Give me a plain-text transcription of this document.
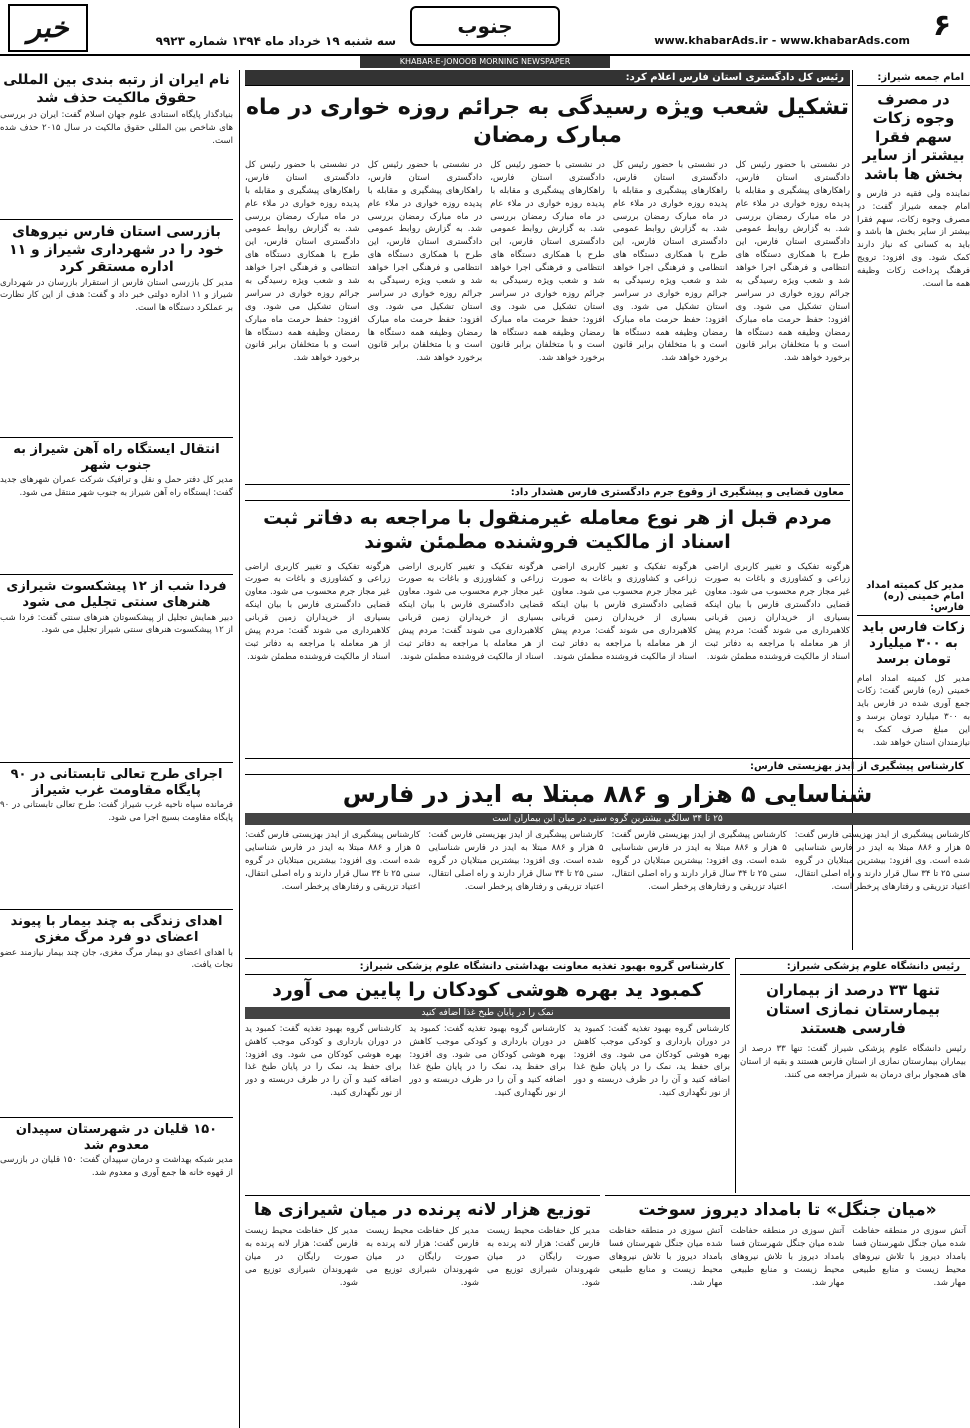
۶
www.khabarAds.ir - www.khabarAds.com
جنوب
خبر	سه شنبه ۱۹ خرداد ماه ۱۳۹۴ شماره ۹۹۲۳
KHABAR-E-JONOOB MORNING NEWSPAPER
امام جمعه شیراز:
در مصرف وجوه زکات سهم فقرا بیشتر از سایر بخش ها باشد
نماینده ولی فقیه در فارس و امام جمعه شیراز گفت: در مصرف وجوه زکات، سهم فقرا بیشتر از سایر بخش ها باشد و باید به کسانی که نیاز دارند کمک شود. وی افزود: ترویج فرهنگ پرداخت زکات وظیفه همه ما است.
مدیر کل کمیته امداد امام خمینی (ره) فارس:
زکات فارس باید به ۳۰۰ میلیارد تومان برسد
مدیر کل کمیته امداد امام خمینی (ره) فارس گفت: زکات جمع آوری شده در فارس باید به ۳۰۰ میلیارد تومان برسد و این مبلغ صرف کمک به نیازمندان استان خواهد شد.
رئیس کل دادگستری استان فارس اعلام کرد:
تشکیل شعب ویژه رسیدگی به جرائم روزه خواری در ماه مبارک رمضان
در نشستی با حضور رئیس کل دادگستری استان فارس، راهکارهای پیشگیری و مقابله با پدیده روزه خواری در ملاء عام در ماه مبارک رمضان بررسی شد. به گزارش روابط عمومی دادگستری استان فارس، این طرح با همکاری دستگاه های انتظامی و فرهنگی اجرا خواهد شد و شعب ویژه رسیدگی به جرائم روزه خواری در سراسر استان تشکیل می شود. وی افزود: حفظ حرمت ماه مبارک رمضان وظیفه همه دستگاه ها است و با متخلفان برابر قانون برخورد خواهد شد.
در نشستی با حضور رئیس کل دادگستری استان فارس، راهکارهای پیشگیری و مقابله با پدیده روزه خواری در ملاء عام در ماه مبارک رمضان بررسی شد. به گزارش روابط عمومی دادگستری استان فارس، این طرح با همکاری دستگاه های انتظامی و فرهنگی اجرا خواهد شد و شعب ویژه رسیدگی به جرائم روزه خواری در سراسر استان تشکیل می شود. وی افزود: حفظ حرمت ماه مبارک رمضان وظیفه همه دستگاه ها است و با متخلفان برابر قانون برخورد خواهد شد.
در نشستی با حضور رئیس کل دادگستری استان فارس، راهکارهای پیشگیری و مقابله با پدیده روزه خواری در ملاء عام در ماه مبارک رمضان بررسی شد. به گزارش روابط عمومی دادگستری استان فارس، این طرح با همکاری دستگاه های انتظامی و فرهنگی اجرا خواهد شد و شعب ویژه رسیدگی به جرائم روزه خواری در سراسر استان تشکیل می شود. وی افزود: حفظ حرمت ماه مبارک رمضان وظیفه همه دستگاه ها است و با متخلفان برابر قانون برخورد خواهد شد.
در نشستی با حضور رئیس کل دادگستری استان فارس، راهکارهای پیشگیری و مقابله با پدیده روزه خواری در ملاء عام در ماه مبارک رمضان بررسی شد. به گزارش روابط عمومی دادگستری استان فارس، این طرح با همکاری دستگاه های انتظامی و فرهنگی اجرا خواهد شد و شعب ویژه رسیدگی به جرائم روزه خواری در سراسر استان تشکیل می شود. وی افزود: حفظ حرمت ماه مبارک رمضان وظیفه همه دستگاه ها است و با متخلفان برابر قانون برخورد خواهد شد.
در نشستی با حضور رئیس کل دادگستری استان فارس، راهکارهای پیشگیری و مقابله با پدیده روزه خواری در ملاء عام در ماه مبارک رمضان بررسی شد. به گزارش روابط عمومی دادگستری استان فارس، این طرح با همکاری دستگاه های انتظامی و فرهنگی اجرا خواهد شد و شعب ویژه رسیدگی به جرائم روزه خواری در سراسر استان تشکیل می شود. وی افزود: حفظ حرمت ماه مبارک رمضان وظیفه همه دستگاه ها است و با متخلفان برابر قانون برخورد خواهد شد.
معاون قضایی و پیشگیری از وقوع جرم دادگستری فارس هشدار داد:
مردم قبل از هر نوع معامله غیرمنقول با مراجعه به دفاتر ثبت اسناد از مالکیت فروشنده مطمئن شوند
هرگونه تفکیک و تغییر کاربری اراضی زراعی و کشاورزی و باغات به صورت غیر مجاز جرم محسوب می شود. معاون قضایی دادگستری فارس با بیان اینکه بسیاری از خریداران زمین قربانی کلاهبرداری می شوند گفت: مردم پیش از هر معامله با مراجعه به دفاتر ثبت اسناد از مالکیت فروشنده مطمئن شوند.
هرگونه تفکیک و تغییر کاربری اراضی زراعی و کشاورزی و باغات به صورت غیر مجاز جرم محسوب می شود. معاون قضایی دادگستری فارس با بیان اینکه بسیاری از خریداران زمین قربانی کلاهبرداری می شوند گفت: مردم پیش از هر معامله با مراجعه به دفاتر ثبت اسناد از مالکیت فروشنده مطمئن شوند.
هرگونه تفکیک و تغییر کاربری اراضی زراعی و کشاورزی و باغات به صورت غیر مجاز جرم محسوب می شود. معاون قضایی دادگستری فارس با بیان اینکه بسیاری از خریداران زمین قربانی کلاهبرداری می شوند گفت: مردم پیش از هر معامله با مراجعه به دفاتر ثبت اسناد از مالکیت فروشنده مطمئن شوند.
هرگونه تفکیک و تغییر کاربری اراضی زراعی و کشاورزی و باغات به صورت غیر مجاز جرم محسوب می شود. معاون قضایی دادگستری فارس با بیان اینکه بسیاری از خریداران زمین قربانی کلاهبرداری می شوند گفت: مردم پیش از هر معامله با مراجعه به دفاتر ثبت اسناد از مالکیت فروشنده مطمئن شوند.
کارشناس پیشگیری از ایدز بهزیستی فارس:
شناسایی ۵ هزار و ۸۸۶ مبتلا به ایدز در فارس
۲۵ تا ۳۴ سالگی بیشترین گروه سنی در میان این بیماران است
کارشناس پیشگیری از ایدز بهزیستی فارس گفت: ۵ هزار و ۸۸۶ مبتلا به ایدز در فارس شناسایی شده است. وی افزود: بیشترین مبتلایان در گروه سنی ۲۵ تا ۳۴ سال قرار دارند و راه اصلی انتقال، اعتیاد تزریقی و رفتارهای پرخطر است.
کارشناس پیشگیری از ایدز بهزیستی فارس گفت: ۵ هزار و ۸۸۶ مبتلا به ایدز در فارس شناسایی شده است. وی افزود: بیشترین مبتلایان در گروه سنی ۲۵ تا ۳۴ سال قرار دارند و راه اصلی انتقال، اعتیاد تزریقی و رفتارهای پرخطر است.
کارشناس پیشگیری از ایدز بهزیستی فارس گفت: ۵ هزار و ۸۸۶ مبتلا به ایدز در فارس شناسایی شده است. وی افزود: بیشترین مبتلایان در گروه سنی ۲۵ تا ۳۴ سال قرار دارند و راه اصلی انتقال، اعتیاد تزریقی و رفتارهای پرخطر است.
کارشناس پیشگیری از ایدز بهزیستی فارس گفت: ۵ هزار و ۸۸۶ مبتلا به ایدز در فارس شناسایی شده است. وی افزود: بیشترین مبتلایان در گروه سنی ۲۵ تا ۳۴ سال قرار دارند و راه اصلی انتقال، اعتیاد تزریقی و رفتارهای پرخطر است.
رئیس دانشگاه علوم پزشکی شیراز:
تنها ۳۳ درصد از بیماران بیمارستان نمازی استان فارسی هستند
رئیس دانشگاه علوم پزشکی شیراز گفت: تنها ۳۳ درصد از بیماران بیمارستان نمازی از استان فارس هستند و بقیه از استان های همجوار برای درمان به شیراز مراجعه می کنند.
کارشناس گروه بهبود تغذیه معاونت بهداشتی دانشگاه علوم پزشکی شیراز:
کمبود ید بهره هوشی کودکان را پایین می آورد
نمک را در پایان طبخ غذا اضافه کنید
کارشناس گروه بهبود تغذیه گفت: کمبود ید در دوران بارداری و کودکی موجب کاهش بهره هوشی کودکان می شود. وی افزود: برای حفظ ید، نمک را در پایان طبخ غذا اضافه کنید و آن را در ظرف دربسته و دور از نور نگهداری کنید.
کارشناس گروه بهبود تغذیه گفت: کمبود ید در دوران بارداری و کودکی موجب کاهش بهره هوشی کودکان می شود. وی افزود: برای حفظ ید، نمک را در پایان طبخ غذا اضافه کنید و آن را در ظرف دربسته و دور از نور نگهداری کنید.
کارشناس گروه بهبود تغذیه گفت: کمبود ید در دوران بارداری و کودکی موجب کاهش بهره هوشی کودکان می شود. وی افزود: برای حفظ ید، نمک را در پایان طبخ غذا اضافه کنید و آن را در ظرف دربسته و دور از نور نگهداری کنید.
«میان جنگل» تا بامداد دیروز سوخت
آتش سوزی در منطقه حفاظت شده میان جنگل شهرستان فسا بامداد دیروز با تلاش نیروهای محیط زیست و منابع طبیعی مهار شد.
آتش سوزی در منطقه حفاظت شده میان جنگل شهرستان فسا بامداد دیروز با تلاش نیروهای محیط زیست و منابع طبیعی مهار شد.
آتش سوزی در منطقه حفاظت شده میان جنگل شهرستان فسا بامداد دیروز با تلاش نیروهای محیط زیست و منابع طبیعی مهار شد.
توزیع هزار لانه پرنده در میان شیرازی ها
مدیر کل حفاظت محیط زیست فارس گفت: هزار لانه پرنده به صورت رایگان در میان شهروندان شیرازی توزیع می شود.
مدیر کل حفاظت محیط زیست فارس گفت: هزار لانه پرنده به صورت رایگان در میان شهروندان شیرازی توزیع می شود.
مدیر کل حفاظت محیط زیست فارس گفت: هزار لانه پرنده به صورت رایگان در میان شهروندان شیرازی توزیع می شود.
نام ایران از رتبه بندی بین المللی حقوق مالکیت حذف شد
بنیادگذار پایگاه استنادی علوم جهان اسلام گفت: ایران در بررسی های شاخص بین المللی حقوق مالکیت در سال ۲۰۱۵ حذف شده است.
بازرسی استان فارس نیروهای خود را در شهرداری شیراز و ۱۱ اداره مستقر کرد
مدیر کل بازرسی استان فارس از استقرار بازرسان در شهرداری شیراز و ۱۱ اداره دولتی خبر داد و گفت: هدف از این کار نظارت بر عملکرد دستگاه ها است.
انتقال ایستگاه راه آهن شیراز به جنوب شهر
مدیر کل دفتر حمل و نقل و ترافیک شرکت عمران شهرهای جدید گفت: ایستگاه راه آهن شیراز به جنوب شهر منتقل می شود.
فردا شب از ۱۲ پیشکسوت شیرازی هنرهای سنتی تجلیل می شود
دبیر همایش تجلیل از پیشکسوتان هنرهای سنتی گفت: فردا شب از ۱۲ پیشکسوت هنرهای سنتی شیراز تجلیل می شود.
اجرای طرح تعالی تابستانی در ۹۰ پایگاه مقاومت غرب شیراز
فرمانده سپاه ناحیه غرب شیراز گفت: طرح تعالی تابستانی در ۹۰ پایگاه مقاومت بسیج اجرا می شود.
اهدای زندگی به چند بیمار با پیوند اعضای دو فرد مرگ مغزی
با اهدای اعضای دو بیمار مرگ مغزی، جان چند بیمار نیازمند عضو نجات یافت.
۱۵۰ قلیان در شهرستان سپیدان معدوم شد
مدیر شبکه بهداشت و درمان سپیدان گفت: ۱۵۰ قلیان در بازرسی از قهوه خانه ها جمع آوری و معدوم شد.
